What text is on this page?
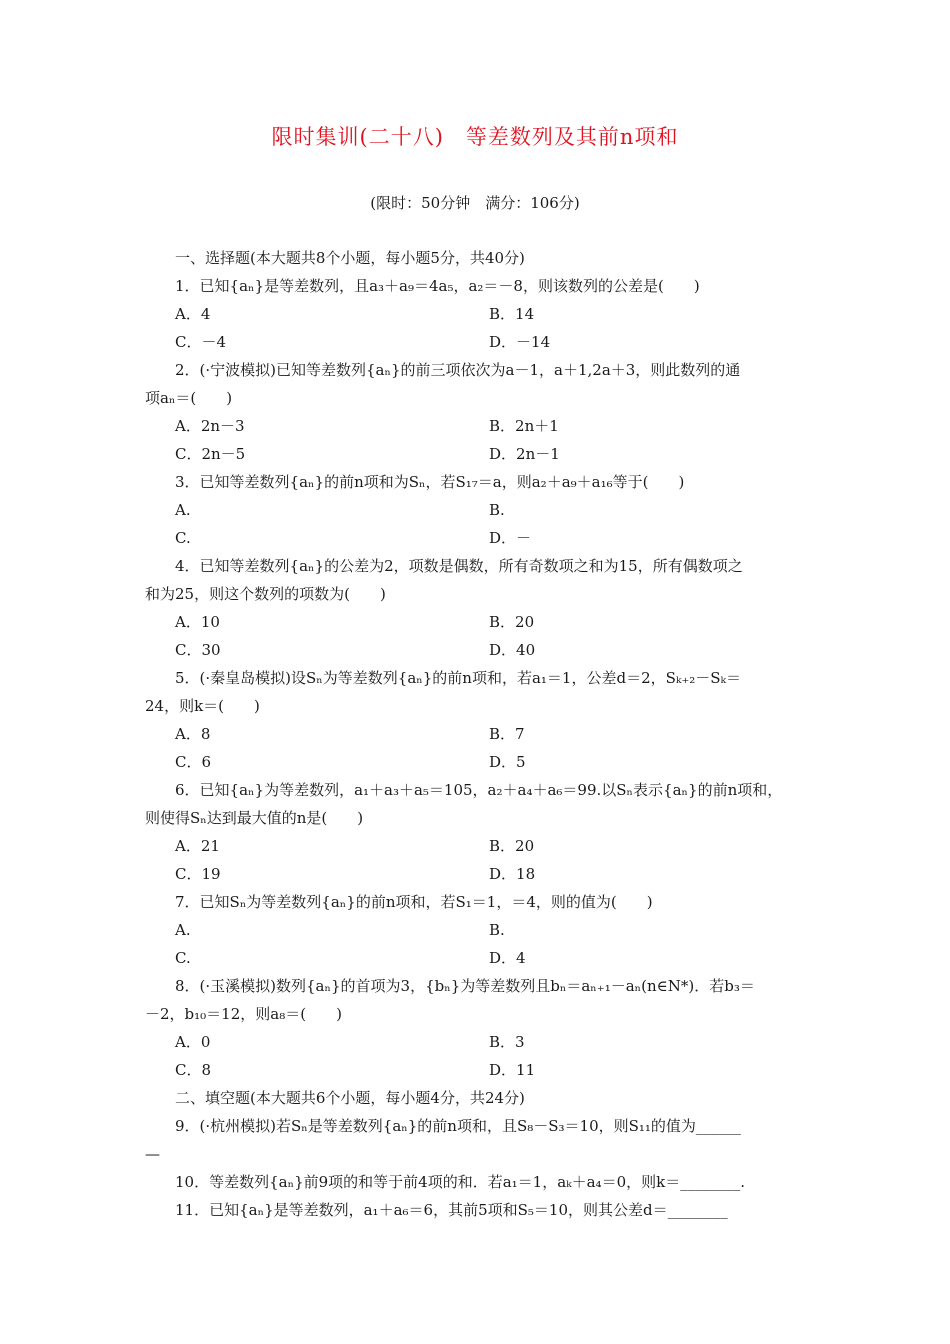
限时集训(二十八)　等差数列及其前n项和
(限时：50分钟　满分：106分)
一、选择题(本大题共8个小题，每小题5分，共40分)
1．已知{aₙ}是等差数列，且a₃＋a₉＝4a₅，a₂＝－8，则该数列的公差是(　　)
A．4	B．14
C．－4	D．－14
2．(·宁波模拟)已知等差数列{aₙ}的前三项依次为a－1，a＋1,2a＋3，则此数列的通
项aₙ＝(　　)
A．2n－3	B．2n＋1
C．2n－5	D．2n－1
3．已知等差数列{aₙ}的前n项和为Sₙ，若S₁₇＝a，则a₂＋a₉＋a₁₆等于(　　)
A.	B.
C.	D．－
4．已知等差数列{aₙ}的公差为2，项数是偶数，所有奇数项之和为15，所有偶数项之
和为25，则这个数列的项数为(　　)
A．10	B．20
C．30	D．40
5．(·秦皇岛模拟)设Sₙ为等差数列{aₙ}的前n项和，若a₁＝1，公差d＝2，Sₖ₊₂－Sₖ＝
24，则k＝(　　)
A．8	B．7
C．6	D．5
6．已知{aₙ}为等差数列，a₁＋a₃＋a₅＝105，a₂＋a₄＋a₆＝99.以Sₙ表示{aₙ}的前n项和，
则使得Sₙ达到最大值的n是(　　)
A．21	B．20
C．19	D．18
7．已知Sₙ为等差数列{aₙ}的前n项和，若S₁＝1，＝4，则的值为(　　)
A.	B.
C.	D．4
8．(·玉溪模拟)数列{aₙ}的首项为3，{bₙ}为等差数列且bₙ＝aₙ₊₁－aₙ(n∈N*)．若b₃＝
－2，b₁₀＝12，则a₈＝(　　)
A．0	B．3
C．8	D．11
二、填空题(本大题共6个小题，每小题4分，共24分)
9．(·杭州模拟)若Sₙ是等差数列{aₙ}的前n项和，且S₈－S₃＝10，则S₁₁的值为______
—
10．等差数列{aₙ}前9项的和等于前4项的和．若a₁＝1，aₖ＋a₄＝0，则k＝________.
11．已知{aₙ}是等差数列，a₁＋a₆＝6，其前5项和S₅＝10，则其公差d＝________
